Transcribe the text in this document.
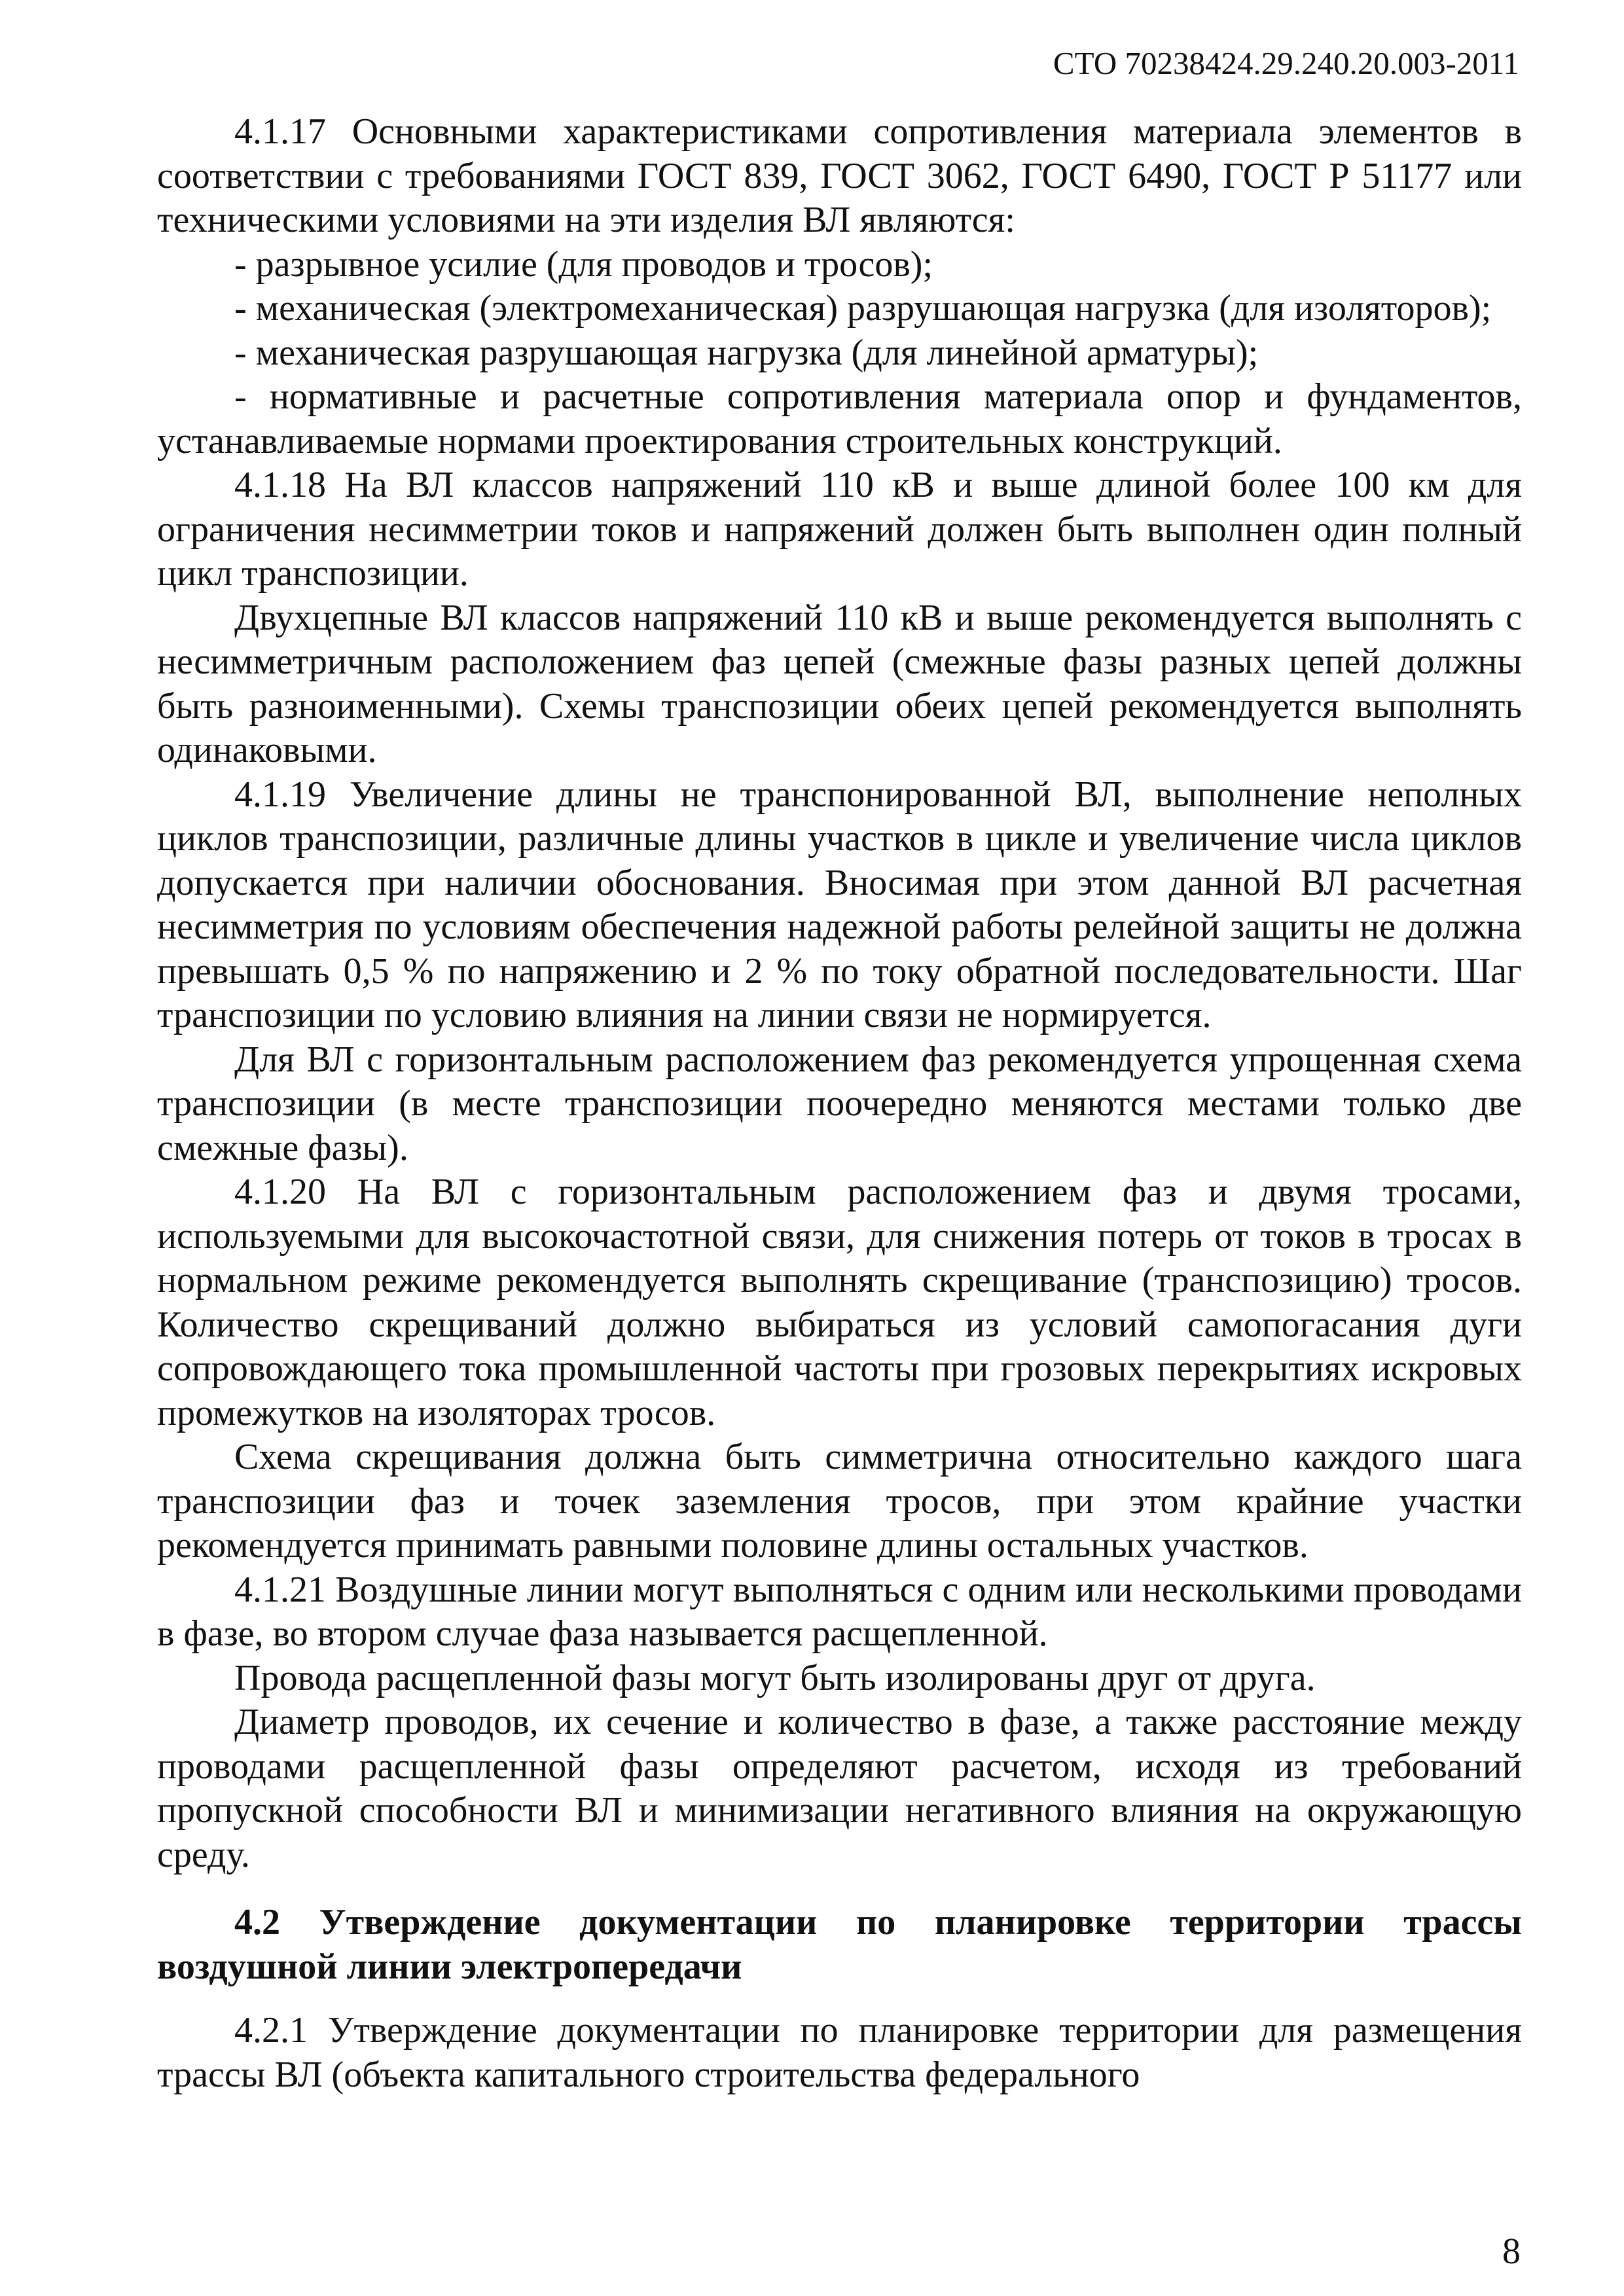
СТО 70238424.29.240.20.003-2011

4.1.17 Основными характеристиками сопротивления материала элементов в соответствии с требованиями ГОСТ 839, ГОСТ 3062, ГОСТ 6490, ГОСТ Р 51177 или техническими условиями на эти изделия ВЛ являются:

- разрывное усилие (для проводов и тросов);

- механическая (электромеханическая) разрушающая нагрузка (для изоляторов);

- механическая разрушающая нагрузка (для линейной арматуры);

- нормативные и расчетные сопротивления материала опор и фундаментов, устанавливаемые нормами проектирования строительных конструкций.

4.1.18 На ВЛ классов напряжений 110 кВ и выше длиной более 100 км для ограничения несимметрии токов и напряжений должен быть выполнен один полный цикл транспозиции.

Двухцепные ВЛ классов напряжений 110 кВ и выше рекомендуется выполнять с несимметричным расположением фаз цепей (смежные фазы разных цепей должны быть разноименными). Схемы транспозиции обеих цепей рекомендуется выполнять одинаковыми.

4.1.19 Увеличение длины не транспонированной ВЛ, выполнение неполных циклов транспозиции, различные длины участков в цикле и увеличение числа циклов допускается при наличии обоснования. Вносимая при этом данной ВЛ расчетная несимметрия по условиям обеспечения надежной работы релейной защиты не должна превышать 0,5 % по напряжению и 2 % по току обратной последовательности. Шаг транспозиции по условию влияния на линии связи не нормируется.

Для ВЛ с горизонтальным расположением фаз рекомендуется упрощенная схема транспозиции (в месте транспозиции поочередно меняются местами только две смежные фазы).

4.1.20 На ВЛ с горизонтальным расположением фаз и двумя тросами, используемыми для высокочастотной связи, для снижения потерь от токов в тросах в нормальном режиме рекомендуется выполнять скрещивание (транспозицию) тросов. Количество скрещиваний должно выбираться из условий самопогасания дуги сопровождающего тока промышленной частоты при грозовых перекрытиях искровых промежутков на изоляторах тросов.

Схема скрещивания должна быть симметрична относительно каждого шага транспозиции фаз и точек заземления тросов, при этом крайние участки рекомендуется принимать равными половине длины остальных участков.

4.1.21 Воздушные линии могут выполняться с одним или несколькими проводами в фазе, во втором случае фаза называется расщепленной.

Провода расщепленной фазы могут быть изолированы друг от друга.

Диаметр проводов, их сечение и количество в фазе, а также расстояние между проводами расщепленной фазы определяют расчетом, исходя из требований пропускной способности ВЛ и минимизации негативного влияния на окружающую среду.

4.2 Утверждение документации по планировке территории трассы воздушной линии электропередачи

4.2.1 Утверждение документации по планировке территории для размещения трассы ВЛ (объекта капитального строительства федерального

8
